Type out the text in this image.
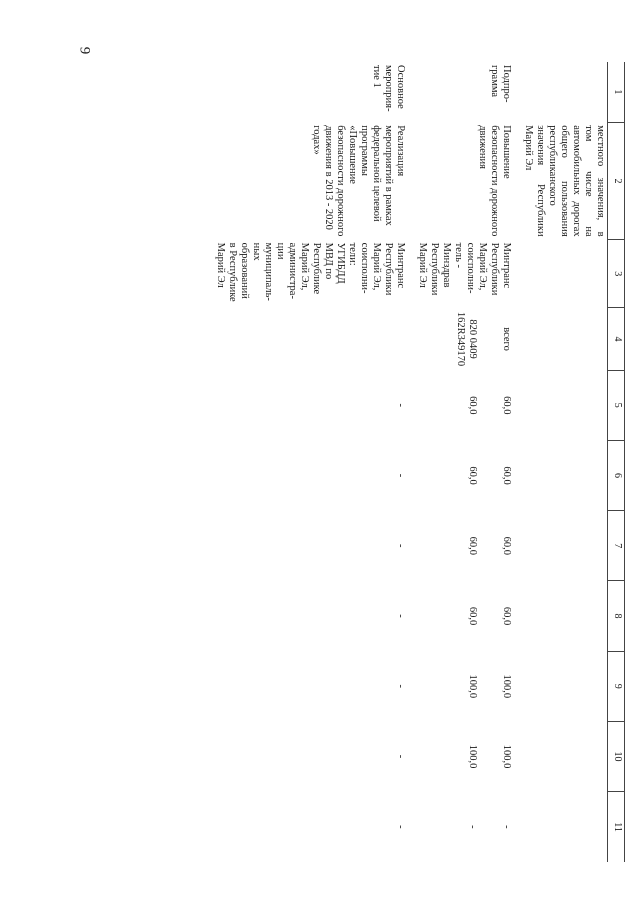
9
1	2	3	4	5	6	7	8	9	10	11
	местного значения, в том числе на автомобильных дорогах общего пользования республиканского значения Республики Марий Эл									

Подпро-грамма	Повышение безопасности дорожного движения	Минтранс Республики Марий Эл, соисполни-тель - Минздрав Республики Марий Эл	всего	60,0	60,0	60,0	60,0	100,0	100,0	-
			820 0409 162R349170	60,0	60,0	60,0	60,0	100,0	100,0	-

Основное мероприя-тие 1	Реализация мероприятий в рамках федеральной целевой программы «Повышение безопасности дорожного движения в 2013 - 2020 годах»	Минтранс Республики Марий Эл, соисполни-тели: УГИБДД МВД по Республике Марий Эл, администра-ции муниципаль-ных образований в Республике Марий Эл		-	-	-	-	-	-	-
